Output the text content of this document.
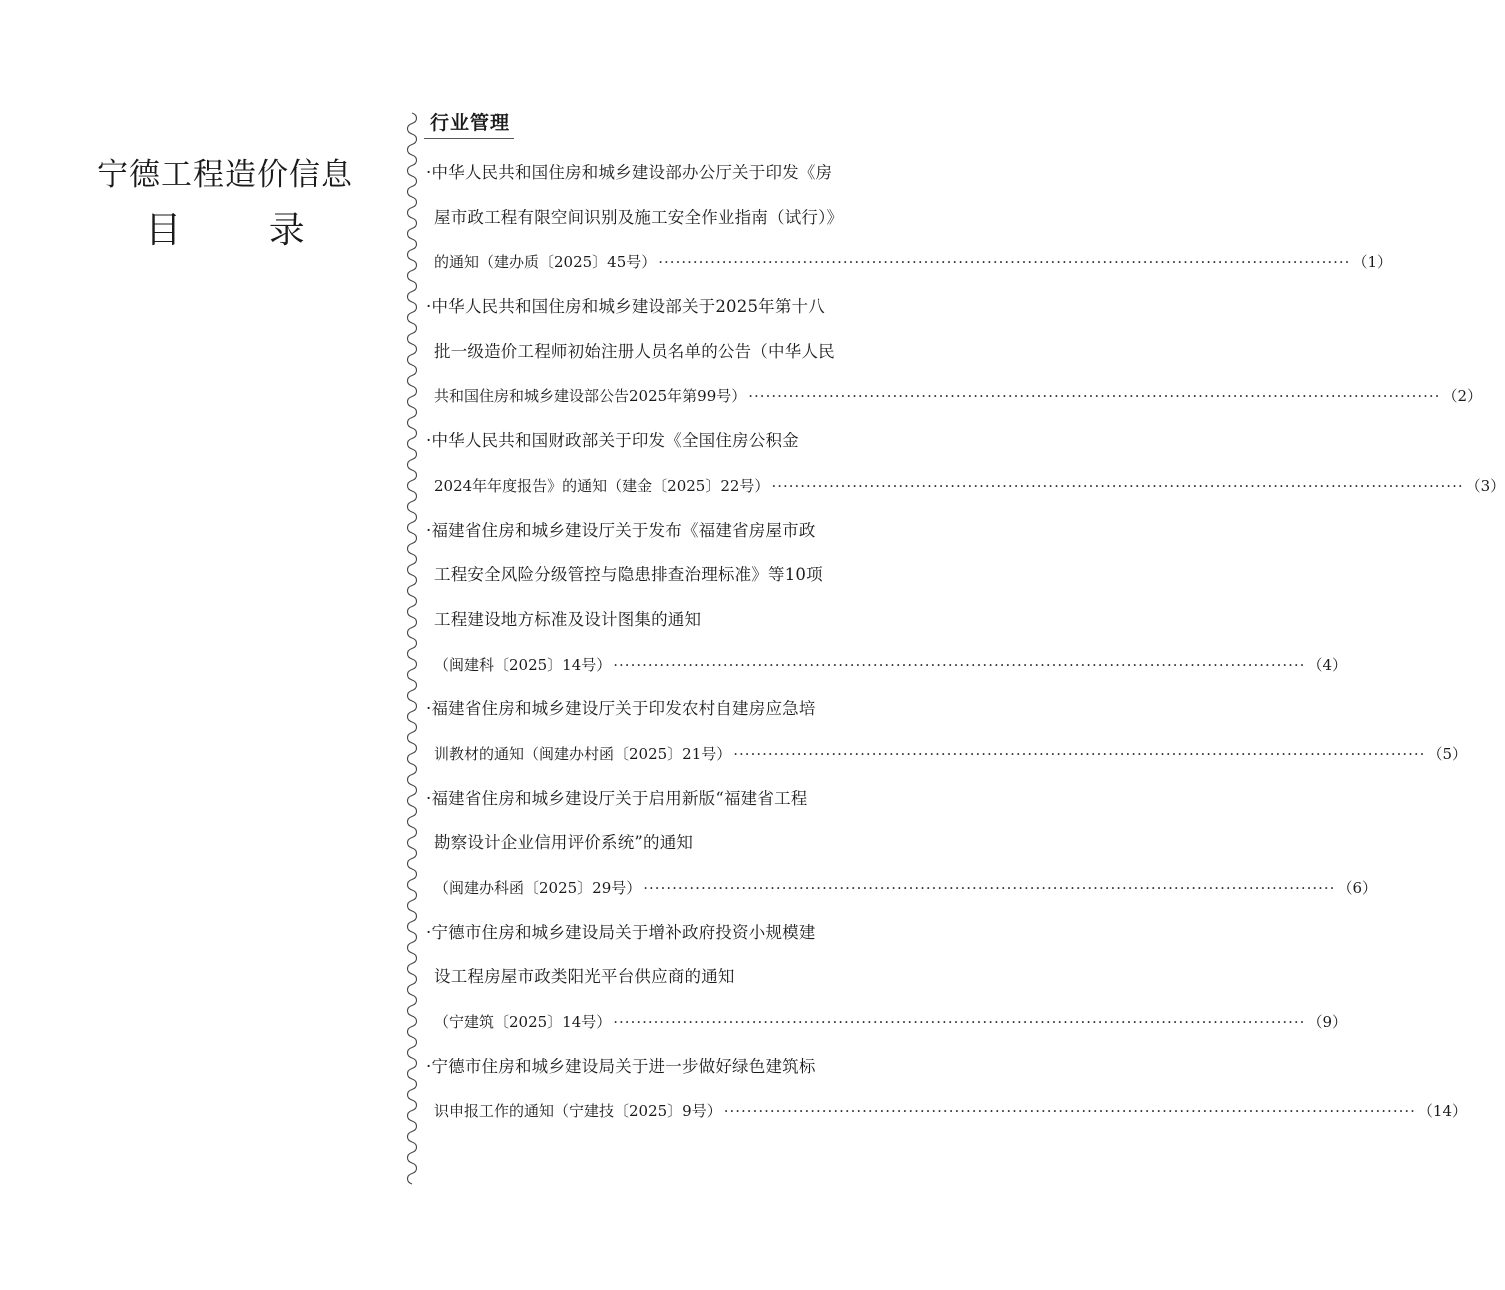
宁德工程造价信息
目 录
行业管理
·中华人民共和国住房和城乡建设部办公厅关于印发《房
屋市政工程有限空间识别及施工安全作业指南（试行）》
的通知（建办质〔2025〕45号） ························································································································ （1）
·中华人民共和国住房和城乡建设部关于2025年第十八
批一级造价工程师初始注册人员名单的公告（中华人民
共和国住房和城乡建设部公告2025年第99号） ························································································································ （2）
·中华人民共和国财政部关于印发《全国住房公积金
2024年年度报告》的通知（建金〔2025〕22号） ························································································································ （3）
·福建省住房和城乡建设厅关于发布《福建省房屋市政
工程安全风险分级管控与隐患排查治理标准》等10项
工程建设地方标准及设计图集的通知
（闽建科〔2025〕14号） ························································································································ （4）
·福建省住房和城乡建设厅关于印发农村自建房应急培
训教材的通知（闽建办村函〔2025〕21号） ························································································································ （5）
·福建省住房和城乡建设厅关于启用新版“福建省工程
勘察设计企业信用评价系统”的通知
（闽建办科函〔2025〕29号） ························································································································ （6）
·宁德市住房和城乡建设局关于增补政府投资小规模建
设工程房屋市政类阳光平台供应商的通知
（宁建筑〔2025〕14号） ························································································································ （9）
·宁德市住房和城乡建设局关于进一步做好绿色建筑标
识申报工作的通知（宁建技〔2025〕9号） ························································································································ （14）
